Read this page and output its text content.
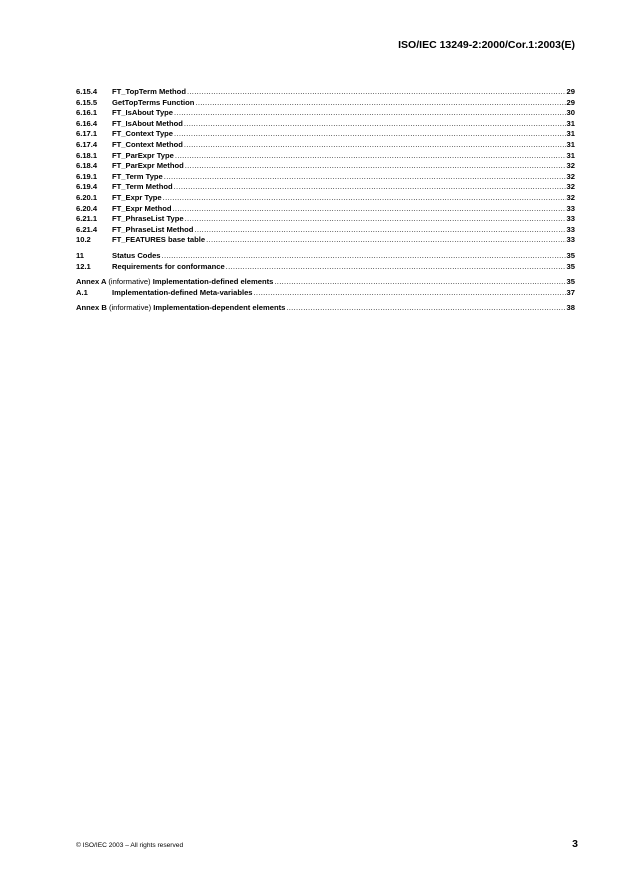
ISO/IEC 13249-2:2000/Cor.1:2003(E)
6.15.4	FT_TopTerm Method .....	29
6.15.5	GetTopTerms Function .....	29
6.16.1	FT_IsAbout Type .....	30
6.16.4	FT_IsAbout Method .....	31
6.17.1	FT_Context Type .....	31
6.17.4	FT_Context Method .....	31
6.18.1	FT_ParExpr Type .....	31
6.18.4	FT_ParExpr Method .....	32
6.19.1	FT_Term Type .....	32
6.19.4	FT_Term Method .....	32
6.20.1	FT_Expr Type .....	32
6.20.4	FT_Expr Method .....	33
6.21.1	FT_PhraseList Type .....	33
6.21.4	FT_PhraseList Method .....	33
10.2	FT_FEATURES base table .....	33
11	Status Codes .....	35
12.1	Requirements for conformance .....	35
Annex A (informative) Implementation-defined elements .....	35
A.1	Implementation-defined Meta-variables .....	37
Annex B (informative) Implementation-dependent elements .....	38
© ISO/IEC 2003 – All rights reserved	3
